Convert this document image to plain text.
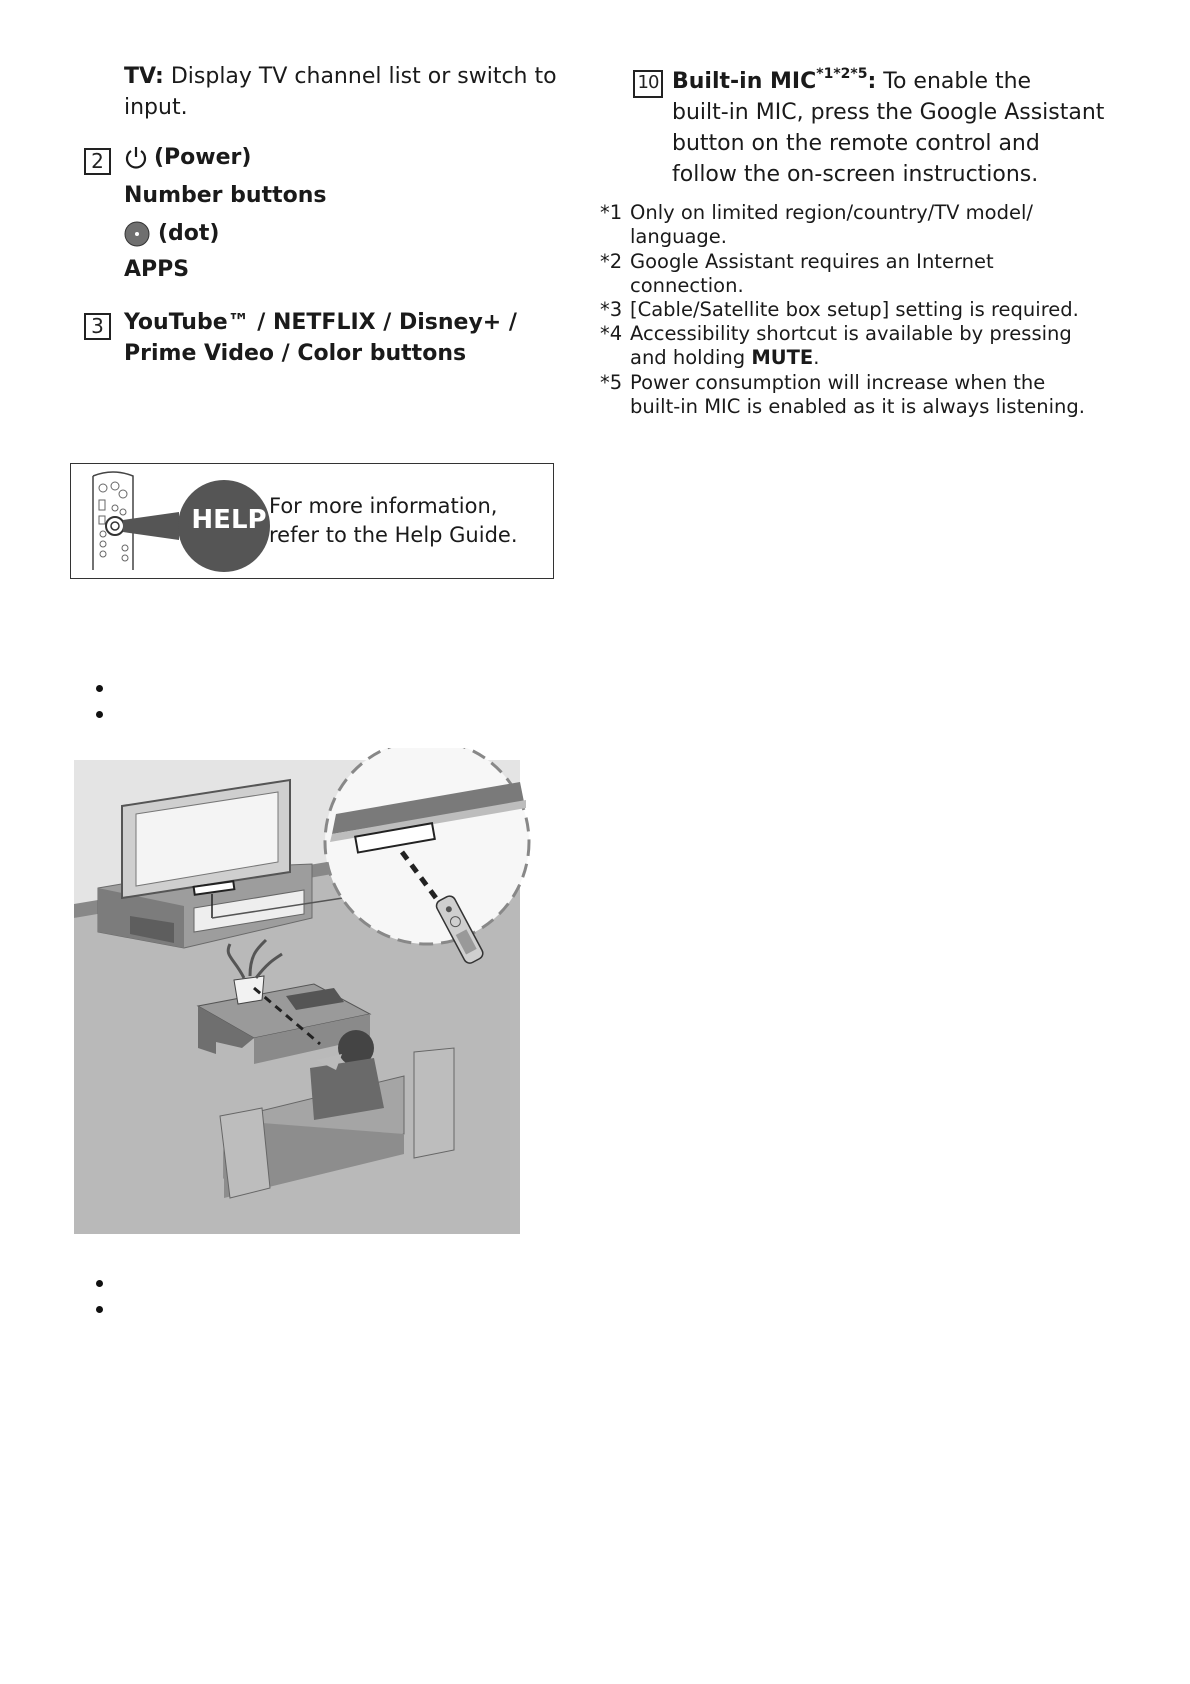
TV: Display TV channel list or switch to
input.
2	(Power)
Number buttons
(dot)
APPS
3 YouTube™ / NETFLIX / Disney+ /
Prime Video / Color buttons
HELP For more information,
refer to the Help Guide.
10 Built-in $MIC^{*1*2*5}$: To enable the
built-in MIC, press the Google Assistant
button on the remote control and
follow the on-screen instructions.
*1 Only on limited region/country/TV model/
language.
*2 Google Assistant requires an Internet
connection.
*3 [Cable/Satellite box setup] setting is required.
*4 Accessibility shortcut is available by pressing
and holding MUTE.
*5 Power consumption will increase when the
built-in MIC is enabled as it is always listening.
